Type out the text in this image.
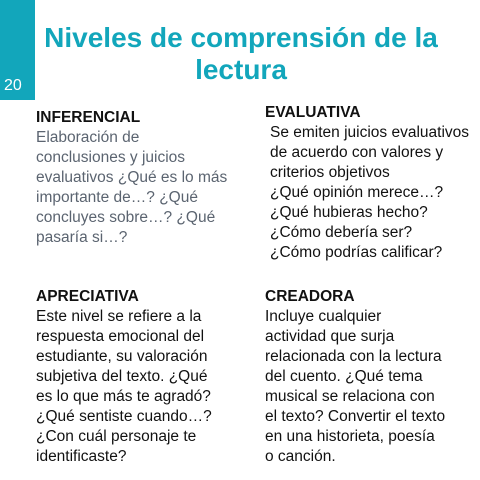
20
Niveles de comprensión de la
lectura
INFERENCIAL
Elaboración de
conclusiones y juicios
evaluativos ¿Qué es lo más
importante de…? ¿Qué
concluyes sobre…? ¿Qué
pasaría si…?
EVALUATIVA
Se emiten juicios evaluativos
de acuerdo con valores y
criterios objetivos
¿Qué opinión merece…?
¿Qué hubieras hecho?
¿Cómo debería ser?
¿Cómo podrías calificar?
APRECIATIVA
Este nivel se refiere a la
respuesta emocional del
estudiante, su valoración
subjetiva del texto. ¿Qué
es lo que más te agradó?
¿Qué sentiste cuando…?
¿Con cuál personaje te
identificaste?
CREADORA
Incluye cualquier
actividad que surja
relacionada con la lectura
del cuento. ¿Qué tema
musical se relaciona con
el texto? Convertir el texto
en una historieta, poesía
o canción.
